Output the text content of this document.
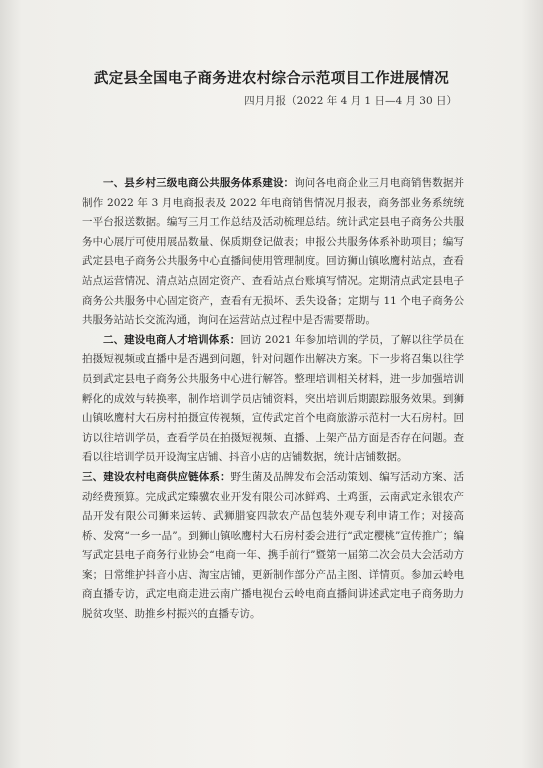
武定县全国电子商务进农村综合示范项目工作进展情况
四月月报（2022 年 4 月 1 日—4 月 30 日）

一、县乡村三级电商公共服务体系建设：询问各电商企业三月电商销售数据并制作 2022 年 3 月电商报表及 2022 年电商销售情况月报表，商务部业务系统统一平台报送数据。编写三月工作总结及活动梳理总结。统计武定县电子商务公共服务中心展厅可使用展品数量、保质期登记做表；申报公共服务体系补助项目；编写武定县电子商务公共服务中心直播间使用管理制度。回访狮山镇吆鹰村站点，查看站点运营情况、清点站点固定资产、查看站点台账填写情况。定期清点武定县电子商务公共服务中心固定资产，查看有无损坏、丢失设备；定期与 11 个电子商务公共服务站站长交流沟通，询问在运营站点过程中是否需要帮助。

二、建设电商人才培训体系：回访 2021 年参加培训的学员，了解以往学员在拍摄短视频或直播中是否遇到问题，针对问题作出解决方案。下一步将召集以往学员到武定县电子商务公共服务中心进行解答。整理培训相关材料，进一步加强培训孵化的成效与转换率，制作培训学员店铺资料，突出培训后期跟踪服务效果。到狮山镇吆鹰村大石房村拍摄宣传视频，宣传武定首个电商旅游示范村一大石房村。回访以往培训学员，查看学员在拍摄短视频、直播、上架产品方面是否存在问题。查看以往培训学员开设淘宝店铺、抖音小店的店铺数据，统计店铺数据。

三、建设农村电商供应链体系：野生菌及品牌发布会活动策划、编写活动方案、活动经费预算。完成武定臻骥农业开发有限公司冰鲜鸡、土鸡蛋，云南武定永银农产品开发有限公司狮来运转、武狮腊宴四款农产品包装外观专利申请工作；对接高桥、发窝“一乡一品”。到狮山镇吆鹰村大石房村委会进行“武定樱桃”宣传推广；编写武定县电子商务行业协会“电商一年、携手前行”暨第一届第二次会员大会活动方案；日常维护抖音小店、淘宝店铺，更新制作部分产品主图、详情页。参加云岭电商直播专访，武定电商走进云南广播电视台云岭电商直播间讲述武定电子商务助力脱贫攻坚、助推乡村振兴的直播专访。
